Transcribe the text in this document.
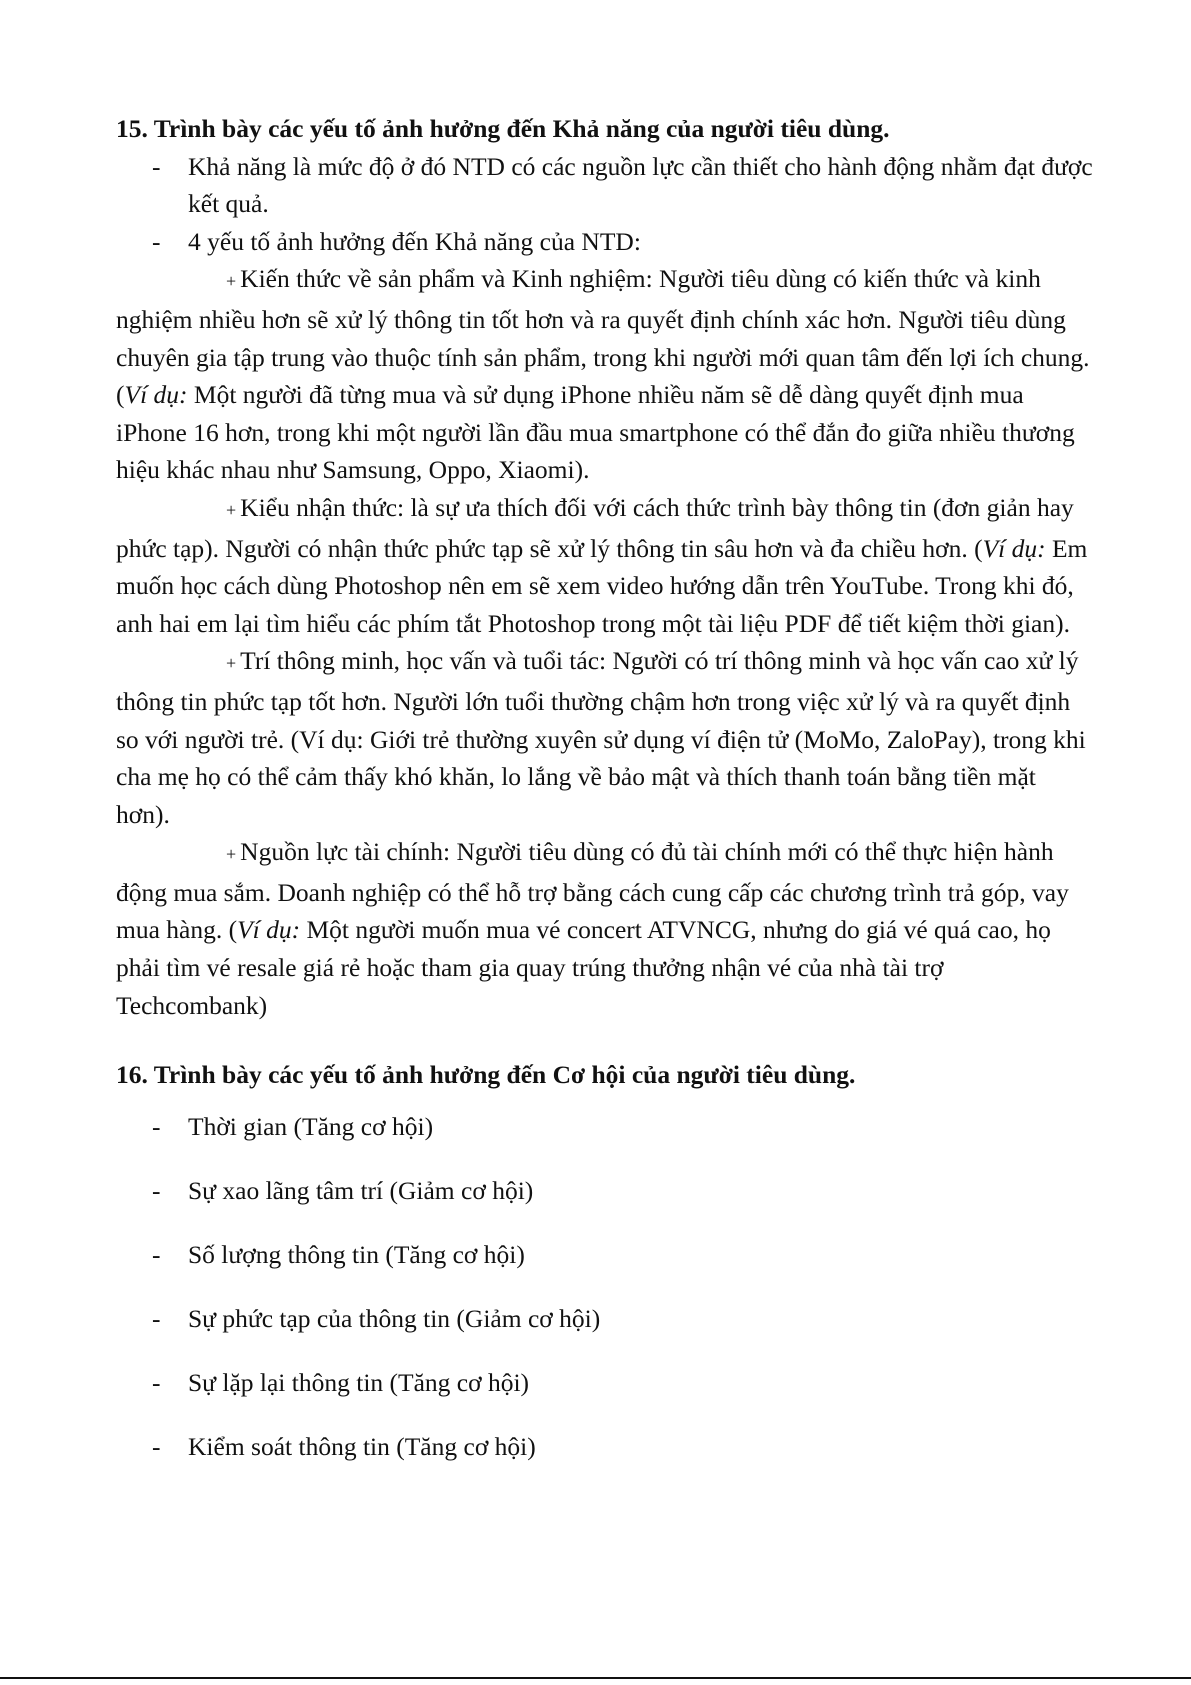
15. Trình bày các yếu tố ảnh hưởng đến Khả năng của người tiêu dùng.

- Khả năng là mức độ ở đó NTD có các nguồn lực cần thiết cho hành động nhằm đạt được kết quả.

- 4 yếu tố ảnh hưởng đến Khả năng của NTD:

+ Kiến thức về sản phẩm và Kinh nghiệm: Người tiêu dùng có kiến thức và kinh nghiệm nhiều hơn sẽ xử lý thông tin tốt hơn và ra quyết định chính xác hơn. Người tiêu dùng chuyên gia tập trung vào thuộc tính sản phẩm, trong khi người mới quan tâm đến lợi ích chung. (Ví dụ: Một người đã từng mua và sử dụng iPhone nhiều năm sẽ dễ dàng quyết định mua iPhone 16 hơn, trong khi một người lần đầu mua smartphone có thể đắn đo giữa nhiều thương hiệu khác nhau như Samsung, Oppo, Xiaomi).

+ Kiểu nhận thức: là sự ưa thích đối với cách thức trình bày thông tin (đơn giản hay phức tạp). Người có nhận thức phức tạp sẽ xử lý thông tin sâu hơn và đa chiều hơn. (Ví dụ: Em muốn học cách dùng Photoshop nên em sẽ xem video hướng dẫn trên YouTube. Trong khi đó, anh hai em lại tìm hiểu các phím tắt Photoshop trong một tài liệu PDF để tiết kiệm thời gian).

+ Trí thông minh, học vấn và tuổi tác: Người có trí thông minh và học vấn cao xử lý thông tin phức tạp tốt hơn. Người lớn tuổi thường chậm hơn trong việc xử lý và ra quyết định so với người trẻ. (Ví dụ: Giới trẻ thường xuyên sử dụng ví điện tử (MoMo, ZaloPay), trong khi cha mẹ họ có thể cảm thấy khó khăn, lo lắng về bảo mật và thích thanh toán bằng tiền mặt hơn).

+ Nguồn lực tài chính: Người tiêu dùng có đủ tài chính mới có thể thực hiện hành động mua sắm. Doanh nghiệp có thể hỗ trợ bằng cách cung cấp các chương trình trả góp, vay mua hàng. (Ví dụ: Một người muốn mua vé concert ATVNCG, nhưng do giá vé quá cao, họ phải tìm vé resale giá rẻ hoặc tham gia quay trúng thưởng nhận vé của nhà tài trợ Techcombank)

16. Trình bày các yếu tố ảnh hưởng đến Cơ hội của người tiêu dùng.

- Thời gian (Tăng cơ hội)

- Sự xao lãng tâm trí (Giảm cơ hội)

- Số lượng thông tin (Tăng cơ hội)

- Sự phức tạp của thông tin (Giảm cơ hội)

- Sự lặp lại thông tin (Tăng cơ hội)

- Kiểm soát thông tin (Tăng cơ hội)
